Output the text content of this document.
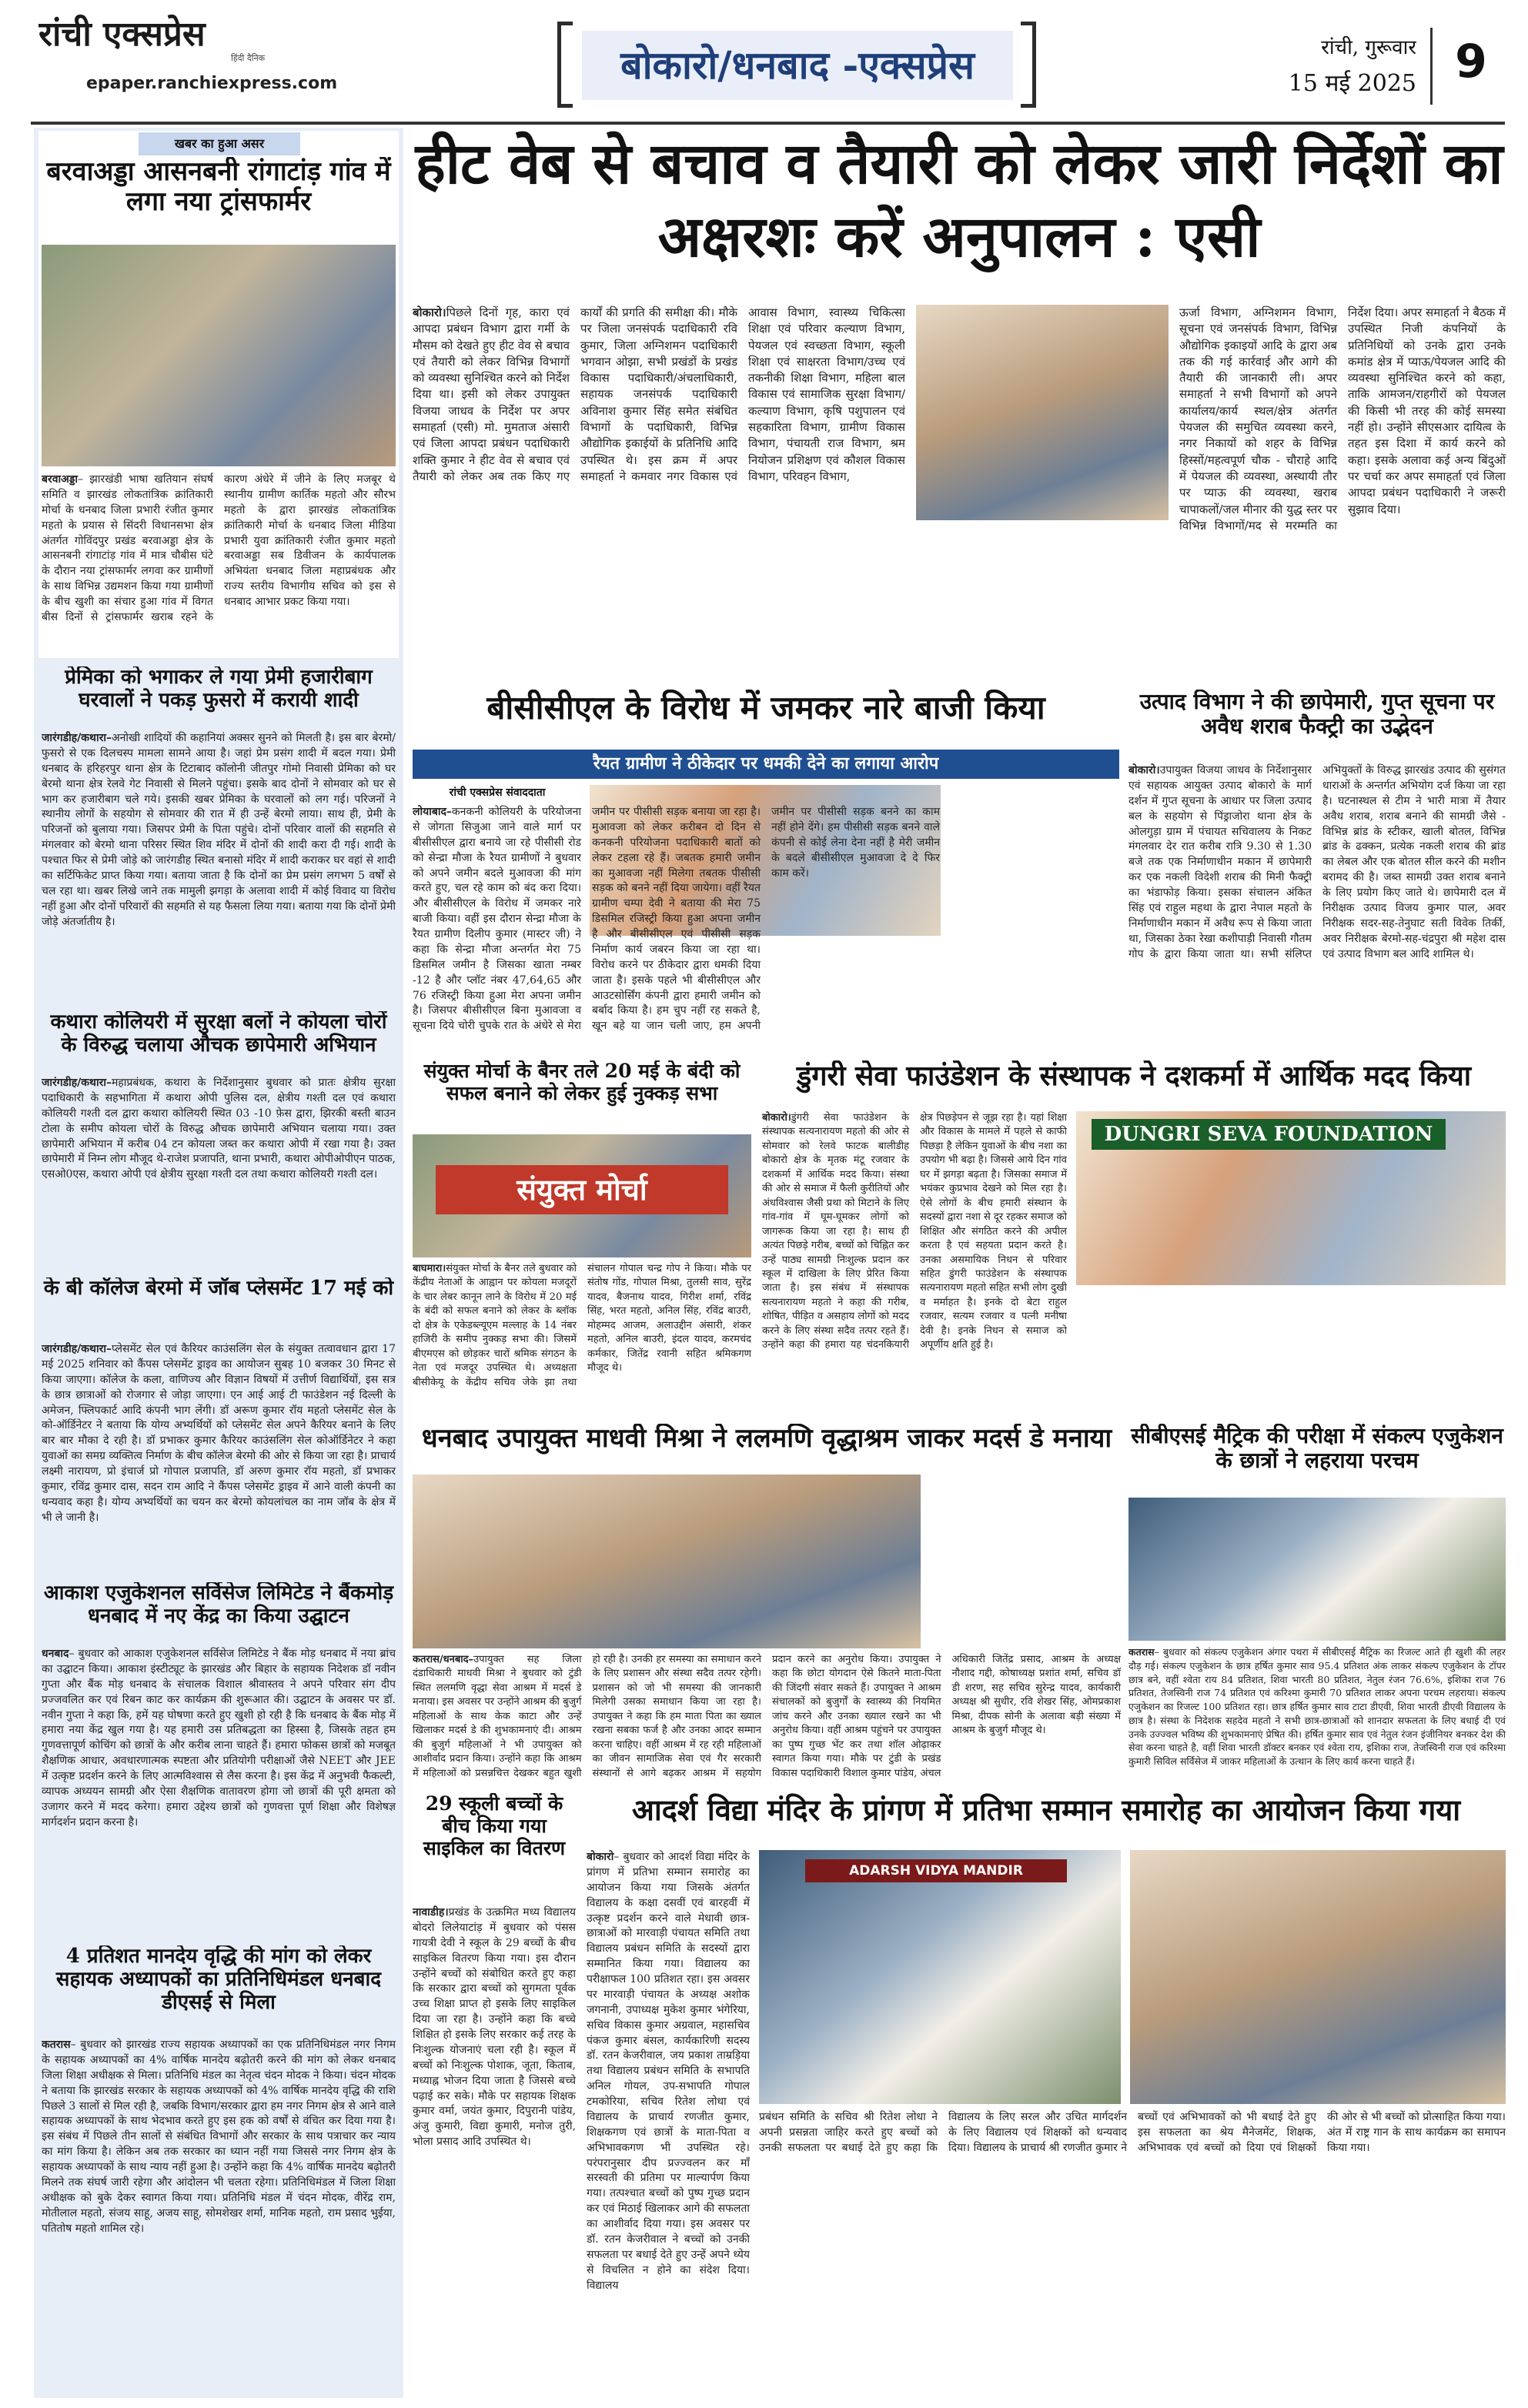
रांची एक्सप्रेस
हिंदी दैनिक
epaper.ranchiexpress.com	बोकारो/धनबाद -एक्सप्रेस	रांची, गुरूवार
15 मई 2025 9
खबर का हुआ असर
बरवाअड्डा आसनबनी रांगाटांड़ गांव में लगा नया ट्रांसफार्मर
बरवाअड्डा– झारखंडी भाषा खतियान संघर्ष समिति व झारखंड लोकतांत्रिक क्रांतिकारी मोर्चा के धनबाद जिला प्रभारी रंजीत कुमार महतो के प्रयास से सिंदरी विधानसभा क्षेत्र अंतर्गत गोविंदपुर प्रखंड बरवाअड्डा क्षेत्र के आसनबनी रांगाटांड़ गांव में मात्र चौबीस घंटे के दौरान नया ट्रांसफार्मर लगवा कर ग्रामीणों के साथ विभिन्न उद्यमशन किया गया ग्रामीणों के बीच खुशी का संचार हुआ गांव में विगत बीस दिनों से ट्रांसफार्मर खराब रहने के कारण अंधेरे में जीने के लिए मजबूर थे स्थानीय ग्रामीण कार्तिक महतो और सौरभ महतो के द्वारा झारखंड लोकतांत्रिक क्रांतिकारी मोर्चा के धनबाद जिला मीडिया प्रभारी युवा क्रांतिकारी रंजीत कुमार महतो बरवाअड्डा सब डिवीजन के कार्यपालक अभियंता धनबाद जिला महाप्रबंधक और राज्य स्तरीय विभागीय सचिव को इस से धनबाद आभार प्रकट किया गया।
प्रेमिका को भगाकर ले गया प्रेमी हजारीबाग घरवालों ने पकड़ फुसरो में करायी शादी
जारंगडीह/कथारा–अनोखी शादियों की कहानियां अक्सर सुनने को मिलती है। इस बार बेरमो/फुसरो से एक दिलचस्प मामला सामने आया है। जहां प्रेम प्रसंग शादी में बदल गया। प्रेमी धनबाद के हरिहरपुर थाना क्षेत्र के टिटाबाद कॉलोनी जीतपुर गोमो निवासी प्रेमिका को घर बेरमो थाना क्षेत्र रेलवे गेट निवासी से मिलने पहुंचा। इसके बाद दोनों ने सोमवार को घर से भाग कर हजारीबाग चले गये। इसकी खबर प्रेमिका के घरवालों को लग गई। परिजनों ने स्थानीय लोगों के सहयोग से सोमवार की रात में ही उन्हें बेरमो लाया। साथ ही, प्रेमी के परिजनों को बुलाया गया। जिसपर प्रेमी के पिता पहुंचे। दोनों परिवार वालों की सहमति से मंगलवार को बेरमो थाना परिसर स्थित शिव मंदिर में दोनों की शादी करा दी गई। शादी के पश्चात फिर से प्रेमी जोड़े को जारंगडीह स्थित बनासो मंदिर में शादी कराकर घर वहां से शादी का सर्टिफिकेट प्राप्त किया गया। बताया जाता है कि दोनों का प्रेम प्रसंग लगभग 5 वर्षों से चल रहा था। खबर लिखे जाने तक मामुली झगड़ा के अलावा शादी में कोई विवाद या विरोध नहीं हुआ और दोनों परिवारों की सहमति से यह फैसला लिया गया। बताया गया कि दोनों प्रेमी जोड़े अंतर्जातीय है।
कथारा कोलियरी में सुरक्षा बलों ने कोयला चोरों के विरुद्ध चलाया औचक छापेमारी अभियान
जारंगडीह/कथारा–महाप्रबंधक, कथारा के निर्देशानुसार बुधवार को प्रातः क्षेत्रीय सुरक्षा पदाधिकारी के सहभागिता में कथारा ओपी पुलिस दल, क्षेत्रीय गश्ती दल एवं कथारा कोलियरी गश्ती दल द्वारा कथारा कोलियरी स्थित 03 -10 फ़ेस द्वारा, झिरकी बस्ती बाउन टोला के समीप कोयला चोरों के विरुद्ध औचक छापेमारी अभियान चलाया गया। उक्त छापेमारी अभियान में करीब 04 टन कोयला जब्त कर कथारा ओपी में रखा गया है। उक्त छापेमारी में निम्न लोग मौजूद थे-राजेश प्रजापति, थाना प्रभारी, कथारा ओपीओपीएन पाठक, एसओ0एस, कथारा ओपी एवं क्षेत्रीय सुरक्षा गश्ती दल तथा कथारा कोलियरी गश्ती दल।
के बी कॉलेज बेरमो में जॉब प्लेसमेंट 17 मई को
जारंगडीह/कथारा–प्लेसमेंट सेल एवं कैरियर काउंसलिंग सेल के संयुक्त तत्वावधान द्वारा 17 मई 2025 शनिवार को कैंपस प्लेसमेंट ड्राइव का आयोजन सुबह 10 बजकर 30 मिनट से किया जाएगा। कॉलेज के कला, वाणिज्य और विज्ञान विषयों में उत्तीर्ण विद्यार्थियों, इस सत्र के छात्र छात्राओं को रोजगार से जोड़ा जाएगा। एन आई आई टी फाउंडेशन नई दिल्ली के अमेजन, फ्लिपकार्ट आदि कंपनी भाग लेंगी। डॉ अरूण कुमार रॉय महतो प्लेसमेंट सेल के को-ऑर्डिनेटर ने बताया कि योग्य अभ्यर्थियों को प्लेसमेंट सेल अपने कैरियर बनाने के लिए बार बार मौका दे रही है। डॉ प्रभाकर कुमार कैरियर काउंसलिंग सेल कोऑर्डिनेटर ने कहा युवाओं का समग्र व्यक्तित्व निर्माण के बीच कॉलेज बेरमो की ओर से किया जा रहा है। प्राचार्य लक्ष्मी नारायण, प्रो इंचार्ज प्रो गोपाल प्रजापति, डॉ अरुण कुमार रॉय महतो, डॉ प्रभाकर कुमार, रविंद्र कुमार दास, सदन राम आदि ने कैंपस प्लेसमेंट ड्राइव में आने वाली कंपनी का धन्यवाद कहा है। योग्य अभ्यर्थियों का चयन कर बेरमो कोयलांचल का नाम जॉब के क्षेत्र में भी ले जानी है।
आकाश एजुकेशनल सर्विसेज लिमिटेड ने बैंकमोड़ धनबाद में नए केंद्र का किया उद्घाटन
धनबाद– बुधवार को आकाश एजुकेशनल सर्विसेज लिमिटेड ने बैंक मोड़ धनबाद में नया ब्रांच का उद्घाटन किया। आकाश इंस्टीट्यूट के झारखंड और बिहार के सहायक निदेशक डॉ नवीन गुप्ता और बैंक मोड़ धनबाद के संचालक विशाल श्रीवास्तव ने अपने परिवार संग दीप प्रज्जवलित कर एवं रिबन काट कर कार्यक्रम की शुरूआत की। उद्घाटन के अवसर पर डॉ. नवीन गुप्ता ने कहा कि, हमें यह घोषणा करते हुए खुशी हो रही है कि धनबाद के बैंक मोड़ में हमारा नया केंद्र खुल गया है। यह हमारी उस प्रतिबद्धता का हिस्सा है, जिसके तहत हम गुणवत्तापूर्ण कोचिंग को छात्रों के और करीब लाना चाहते हैं। हमारा फोकस छात्रों को मजबूत शैक्षणिक आधार, अवधारणात्मक स्पष्टता और प्रतियोगी परीक्षाओं जैसे NEET और JEE में उत्कृष्ट प्रदर्शन करने के लिए आत्मविश्वास से लैस करना है। इस केंद्र में अनुभवी फैकल्टी, व्यापक अध्ययन सामग्री और ऐसा शैक्षणिक वातावरण होगा जो छात्रों की पूरी क्षमता को उजागर करने में मदद करेगा। हमारा उद्देश्य छात्रों को गुणवत्ता पूर्ण शिक्षा और विशेषज्ञ मार्गदर्शन प्रदान करना है।
4 प्रतिशत मानदेय वृद्धि की मांग को लेकर सहायक अध्यापकों का प्रतिनिधिमंडल धनबाद डीएसई से मिला
कतरास– बुधवार को झारखंड राज्य सहायक अध्यापकों का एक प्रतिनिधिमंडल नगर निगम के सहायक अध्यापकों का 4% वार्षिक मानदेय बढ़ोतरी करने की मांग को लेकर धनबाद जिला शिक्षा अधीक्षक से मिला। प्रतिनिधि मंडल का नेतृत्व चंदन मोदक ने किया। चंदन मोदक ने बताया कि झारखंड सरकार के सहायक अध्यापकों को 4% वार्षिक मानदेय वृद्धि की राशि पिछले 3 सालों से मिल रही है, जबकि विभाग/सरकार द्वारा हम नगर निगम क्षेत्र से आने वाले सहायक अध्यापकों के साथ भेदभाव करते हुए इस हक को वर्षों से वंचित कर दिया गया है। इस संबंध में पिछले तीन सालों से संबंधित विभागों और सरकार के साथ पत्राचार कर न्याय का मांग किया है। लेकिन अब तक सरकार का ध्यान नहीं गया जिससे नगर निगम क्षेत्र के सहायक अध्यापकों के साथ न्याय नहीं हुआ है। उन्होंने कहा कि 4% वार्षिक मानदेय बढ़ोतरी मिलने तक संघर्ष जारी रहेगा और आंदोलन भी चलता रहेगा। प्रतिनिधिमंडल में जिला शिक्षा अधीक्षक को बुके देकर स्वागत किया गया। प्रतिनिधि मंडल में चंदन मोदक, वीरेंद्र राम, मोतीलाल महतो, संजय साहू, अजय साहू, सोमशेखर शर्मा, मानिक महतो, राम प्रसाद भुईया, पतितोष महतो शामिल रहे।
हीट वेब से बचाव व तैयारी को लेकर जारी निर्देशों का अक्षरशः करें अनुपालन : एसी
बोकारो।पिछले दिनों गृह, कारा एवं आपदा प्रबंधन विभाग द्वारा गर्मी के मौसम को देखते हुए हीट वेव से बचाव एवं तैयारी को लेकर विभिन्न विभागों को व्यवस्था सुनिश्चित करने को निर्देश दिया था। इसी को लेकर उपायुक्त विजया जाधव के निर्देश पर अपर समाहर्ता (एसी) मो. मुमताज अंसारी एवं जिला आपदा प्रबंधन पदाधिकारी शक्ति कुमार ने हीट वेव से बचाव एवं तैयारी को लेकर अब तक किए गए कार्यों की प्रगति की समीक्षा की। मौके पर जिला जनसंपर्क पदाधिकारी रवि कुमार, जिला अग्निशमन पदाधिकारी भगवान ओझा, सभी प्रखंडों के प्रखंड विकास पदाधिकारी/अंचलाधिकारी, सहायक जनसंपर्क पदाधिकारी अविनाश कुमार सिंह समेत संबंधित विभागों के पदाधिकारी, विभिन्न औद्योगिक इकाईयों के प्रतिनिधि आदि उपस्थित थे। इस क्रम में अपर समाहर्ता ने कमवार नगर विकास एवं आवास विभाग, स्वास्थ्य चिकित्सा शिक्षा एवं परिवार कल्याण विभाग, पेयजल एवं स्वच्छता विभाग, स्कूली शिक्षा एवं साक्षरता विभाग/उच्च एवं तकनीकी शिक्षा विभाग, महिला बाल विकास एवं सामाजिक सुरक्षा विभाग/कल्याण विभाग, कृषि पशुपालन एवं सहकारिता विभाग, ग्रामीण विकास विभाग, पंचायती राज विभाग, श्रम नियोजन प्रशिक्षण एवं कौशल विकास विभाग, परिवहन विभाग,
ऊर्जा विभाग, अग्निशमन विभाग, सूचना एवं जनसंपर्क विभाग, विभिन्न औद्योगिक इकाइयों आदि के द्वारा अब तक की गई कार्रवाई और आगे की तैयारी की जानकारी ली। अपर समाहर्ता ने सभी विभागों को अपने कार्यालय/कार्य स्थल/क्षेत्र अंतर्गत पेयजल की समुचित व्यवस्था करने, नगर निकायों को शहर के विभिन्न हिस्सों/महत्वपूर्ण चौक - चौराहे आदि में पेयजल की व्यवस्था, अस्थायी तौर पर प्याऊ की व्यवस्था, खराब चापाकलों/जल मीनार की युद्ध स्तर पर विभिन्न विभागों/मद से मरम्मति का निर्देश दिया। अपर समाहर्ता ने बैठक में उपस्थित निजी कंपनियों के प्रतिनिधियों को उनके द्वारा उनके कमांड क्षेत्र में प्याऊ/पेयजल आदि की व्यवस्था सुनिश्चित करने को कहा, ताकि आमजन/राहगीरों को पेयजल की किसी भी तरह की कोई समस्या नहीं हो। उन्होंने सीएसआर दायित्व के तहत इस दिशा में कार्य करने को कहा। इसके अलावा कई अन्य बिंदुओं पर चर्चा कर अपर समाहर्ता एवं जिला आपदा प्रबंधन पदाधिकारी ने जरूरी सुझाव दिया।
बीसीसीएल के विरोध में जमकर नारे बाजी किया
रैयत ग्रामीण ने ठीकेदार पर धमकी देने का लगाया आरोप
रांची एक्सप्रेस संवाददाता
लोयाबाद–कनकनी कोलियरी के परियोजना से जोगता सिजुआ जाने वाले मार्ग पर बीसीसीएल द्वारा बनाये जा रहे पीसीसी रोड को सेन्द्रा मौजा के रैयत ग्रामीणों ने बुधवार को अपने जमीन बदले मुआवजा की मांग करते हुए, चल रहे काम को बंद करा दिया। और बीसीसीएल के विरोध में जमकर नारे बाजी किया। वहीं इस दौरान सेन्द्रा मौजा के रैयत ग्रामीण दिलीप कुमार (मास्टर जी) ने कहा कि सेन्द्रा मौजा अन्तर्गत मेरा 75 डिसमिल जमीन है जिसका खाता नम्बर -12 है और प्लॉट नंबर 47,64,65 और 76 रजिस्ट्री किया हुआ मेरा अपना जमीन है। जिसपर बीसीसीएल बिना मुआवजा व सूचना दिये चोरी चुपके रात के अंधेरे से मेरा जमीन पर पीसीसी सड़क बनाया जा रहा है। मुआवजा को लेकर करीबन दो दिन से कनकनी परियोजना पदाधिकारी बातों को लेकर टहला रहे हैं। जबतक हमारी जमीन का मुआवजा नहीं मिलेगा तबतक पीसीसी सड़क को बनने नहीं दिया जायेगा। वहीं रैयत ग्रामीण चम्पा देवी ने बताया की मेरा 75 डिसमिल रजिस्ट्री किया हुआ अपना जमीन है और बीसीसीएल एवं पीसीसी सड़क निर्माण कार्य जबरन किया जा रहा था। विरोध करने पर ठीकेदार द्वारा धमकी दिया जाता है। इसके पहले भी बीसीसीएल और आउटसोर्सिंग कंपनी द्वारा हमारी जमीन को बर्बाद किया है। हम चुप नहीं रह सकते है, खून बहे या जान चली जाए, हम अपनी जमीन पर पीसीसी सड़क बनने का काम नहीं होने देंगे। हम पीसीसी सड़क बनने वाले कंपनी से कोई लेना देना नहीं है मेरी जमीन के बदले बीसीसीएल मुआवजा दे दे फिर काम करें।
उत्पाद विभाग ने की छापेमारी, गुप्त सूचना पर अवैध शराब फैक्ट्री का उद्भेदन
बोकारो।उपायुक्त विजया जाधव के निर्देशानुसार एवं सहायक आयुक्त उत्पाद बोकारो के मार्ग दर्शन में गुप्त सूचना के आधार पर जिला उत्पाद बल के सहयोग से पिंड्राजोरा थाना क्षेत्र के ओलगुड़ा ग्राम में पंचायत सचिवालय के निकट मंगलवार देर रात करीब रात्रि 9.30 से 1.30 बजे तक एक निर्माणाधीन मकान में छापेमारी कर एक नकली विदेशी शराब की मिनी फैक्ट्री का भंडाफोड़ किया। इसका संचालन अंकित सिंह एवं राहुल महथा के द्वारा नेपाल महतो के निर्माणाधीन मकान में अवैध रूप से किया जाता था, जिसका ठेका रेखा कशीपाड़ी निवासी गौतम गोप के द्वारा किया जाता था। सभी संलिप्त अभियुक्तों के विरुद्ध झारखंड उत्पाद की सुसंगत धाराओं के अन्तर्गत अभियोग दर्ज किया जा रहा है। घटनास्थल से टीम ने भारी मात्रा में तैयार अवैध शराब, शराब बनाने की सामग्री जैसे - विभिन्न ब्रांड के स्टीकर, खाली बोतल, विभिन्न ब्रांड के ढक्कन, प्रत्येक नकली शराब की ब्रांड का लेबल और एक बोतल सील करने की मशीन बरामद की है। जब्त सामग्री उक्त शराब बनाने के लिए प्रयोग किए जाते थे। छापेमारी दल में निरीक्षक उत्पाद विजय कुमार पाल, अवर निरीक्षक सदर-सह-तेनुघाट सती विवेक तिर्की, अवर निरीक्षक बेरमो-सह-चंद्रपुरा श्री महेश दास एवं उत्पाद विभाग बल आदि शामिल थे।
संयुक्त मोर्चा के बैनर तले 20 मई के बंदी को सफल बनाने को लेकर हुई नुक्कड़ सभा
संयुक्त मोर्चा
बाघमारा।संयुक्त मोर्चा के बैनर तले बुधवार को केंद्रीय नेताओं के आह्वान पर कोयला मजदूरों के चार लेबर कानून लाने के विरोध में 20 मई के बंदी को सफल बनाने को लेकर के ब्लॉक दो क्षेत्र के एकेडब्ल्यूएम मल्लाह के 14 नंबर हाजिरी के समीप नुक्कड़ सभा की। जिसमें बीएमएस को छोड़कर चारों श्रमिक संगठन के नेता एवं मजदूर उपस्थित थे। अध्यक्षता बीसीकेयू के केंद्रीय सचिव जेके झा तथा संचालन गोपाल चन्द्र गोप ने किया। मौके पर संतोष गोंड, गोपाल मिश्रा, तुलसी साव, सुरेंद्र यादव, बैजनाथ यादव, गिरीश शर्मा, रविंद्र सिंह, भरत महतो, अनिल सिंह, रविंद्र बाउरी, मोहम्मद आजम, अलाउद्दीन अंसारी, शंकर महतो, अनिल बाउरी, इंदल यादव, करमचंद कर्मकार, जितेंद्र रवानी सहित श्रमिकगण मौजूद थे।
डुंगरी सेवा फाउंडेशन के संस्थापक ने दशकर्मा में आर्थिक मदद किया
बोकारो।डुंगरी सेवा फाउंडेशन के संस्थापक सत्यनारायण महतो की ओर से सोमवार को रेलवे फाटक बालीडीह बोकारो क्षेत्र के मृतक मंटू रजवार के दशकर्मा में आर्थिक मदद किया। संस्था की ओर से समाज में फैली कुरीतियों और अंधविश्वास जैसी प्रथा को मिटाने के लिए गांव-गांव में घूम-घूमकर लोगों को जागरूक किया जा रहा है। साथ ही अत्यंत पिछड़े गरीब, बच्चों को चिह्नित कर उन्हें पाठ्य सामग्री निःशुल्क प्रदान कर स्कूल में दाखिला के लिए प्रेरित किया जाता है। इस संबंध में संस्थापक सत्यनारायण महतो ने कहा की गरीब, शोषित, पीड़ित व असहाय लोगों को मदद करने के लिए संस्था सदैव तत्पर रहते हैं। उन्होंने कहा की हमारा यह चंदनकियारी क्षेत्र पिछड़ेपन से जूझ रहा है। यहां शिक्षा और विकास के मामले में पहले से काफी पिछड़ा है लेकिन युवाओं के बीच नशा का उपयोग भी बढ़ा है। जिससे आये दिन गांव घर में झगड़ा बढ़ता है। जिसका समाज में भयंकर कुप्रभाव देखने को मिल रहा है। ऐसे लोगों के बीच हमारी संस्थान के सदस्यों द्वारा नशा से दूर रहकर समाज को शिक्षित और संगठित करने की अपील करता है एवं सहयता प्रदान करते है। उनका असमायिक निधन से परिवार सहित डुंगरी फाउंडेशन के संस्थापक सत्यनारायण महतो सहित सभी लोग दुखी व मर्माहत है। इनके दो बेटा राहुल रजवार, सत्यम रजवार व पत्नी मनीषा देवी है। इनके निधन से समाज को अपूर्णीय क्षति हुई है।
DUNGRI SEVA FOUNDATION
धनबाद उपायुक्त माधवी मिश्रा ने ललमणि वृद्धाश्रम जाकर मदर्स डे मनाया
कतरास/धनबाद–उपायुक्त सह जिला दंडाधिकारी माधवी मिश्रा ने बुधवार को टुंडी स्थित ललमणि वृद्धा सेवा आश्रम में मदर्स डे मनाया। इस अवसर पर उन्होंने आश्रम की बुजुर्ग महिलाओं के साथ केक काटा और उन्हें खिलाकर मदर्स डे की शुभकामनाएं दी। आश्रम की बुजुर्ग महिलाओं ने भी उपायुक्त को आशीर्वाद प्रदान किया। उन्होंने कहा कि आश्रम में महिलाओं को प्रसन्नचित्त देखकर बहुत खुशी हो रही है। उनकी हर समस्या का समाधान करने के लिए प्रशासन और संस्था सदैव तत्पर रहेगी। प्रशासन को जो भी समस्या की जानकारी मिलेगी उसका समाधान किया जा रहा है। उपायुक्त ने कहा कि हम माता पिता का ख्याल रखना सबका फर्ज है और उनका आदर सम्मान करना चाहिए। वहीं आश्रम में रह रही महिलाओं का जीवन सामाजिक सेवा एवं गैर सरकारी संस्थानों से आगे बढ़कर आश्रम में सहयोग प्रदान करने का अनुरोध किया। उपायुक्त ने कहा कि छोटा योगदान ऐसे कितने माता-पिता की जिंदगी संवार सकते हैं। उपायुक्त ने आश्रम संचालकों को बुजुर्गों के स्वास्थ्य की नियमित जांच करने और उनका ख्याल रखने का भी अनुरोध किया। वहीं आश्रम पहुंचने पर उपायुक्त का पुष्प गुच्छ भेंट कर तथा शॉल ओढ़ाकर स्वागत किया गया। मौके पर टुंडी के प्रखंड विकास पदाधिकारी विशाल कुमार पांडेय, अंचल अधिकारी जितेंद्र प्रसाद, आश्रम के अध्यक्ष नौशाद गद्दी, कोषाध्यक्ष प्रशांत शर्मा, सचिव डॉ डी शरण, सह सचिव सुरेन्द्र यादव, कार्यकारी अध्यक्ष श्री सुधीर, रवि शेखर सिंह, ओमप्रकाश मिश्रा, दीपक सोनी के अलावा बड़ी संख्या में आश्रम के बुजुर्ग मौजूद थे।
सीबीएसई मैट्रिक की परीक्षा में संकल्प एजुकेशन के छात्रों ने लहराया परचम
कतरास– बुधवार को संकल्प एजुकेशन अंगार पथरा में सीबीएसई मैट्रिक का रिजल्ट आते ही खुशी की लहर दौड़ गई। संकल्प एजुकेशन के छात्र हर्षित कुमार साव 95.4 प्रतिशत अंक लाकर संकल्प एजुकेशन के टॉपर छात्र बने, वहीं श्वेता राय 84 प्रतिशत, शिवा भारती 80 प्रतिशत, नेतुल रंजन 76.6%, इशिका राज 76 प्रतिशत, तेजस्विनी राज 74 प्रतिशत एवं करिश्मा कुमारी 70 प्रतिशत लाकर अपना परचम लहराया। संकल्प एजुकेशन का रिजल्ट 100 प्रतिशत रहा। छात्र हर्षित कुमार साव टाटा डीएवी, शिवा भारती डीएवी विद्यालय के छात्र है। संस्था के निदेशक सहदेव महतो ने सभी छात्र-छात्राओं को शानदार सफलता के लिए बधाई दी एवं उनके उज्ज्वल भविष्य की शुभकामनाएं प्रेषित की। हर्षित कुमार साव एवं नेतुल रंजन इंजीनियर बनकर देश की सेवा करना चाहते है, वहीं शिवा भारती डॉक्टर बनकर एवं श्वेता राय, इशिका राज, तेजस्विनी राज एवं करिश्मा कुमारी सिविल सर्विसेज में जाकर महिलाओं के उत्थान के लिए कार्य करना चाहते हैं।
29 स्कूली बच्चों के बीच किया गया साइकिल का वितरण
नावाडीह।प्रखंड के उत्क्रमित मध्य विद्यालय बोदरो लिलेयाटांड़ में बुधवार को पंसस गायत्री देवी ने स्कूल के 29 बच्चों के बीच साइकिल वितरण किया गया। इस दौरान उन्होंने बच्चों को संबोधित करते हुए कहा कि सरकार द्वारा बच्चों को सुगमता पूर्वक उच्च शिक्षा प्राप्त हो इसके लिए साइकिल दिया जा रहा है। उन्होंने कहा कि बच्चे शिक्षित हो इसके लिए सरकार कई तरह के निःशुल्क योजनाएं चला रही है। स्कूल में बच्चों को निःशुल्क पोशाक, जूता, किताब, मध्याह्न भोजन दिया जाता है जिससे बच्चे पढ़ाई कर सके। मौके पर सहायक शिक्षक कुमार वर्मा, जयंत कुमार, दिपुरानी पांडेय, अंजु कुमारी, विद्या कुमारी, मनोज तुरी, भोला प्रसाद आदि उपस्थित थे।
आदर्श विद्या मंदिर के प्रांगण में प्रतिभा सम्मान समारोह का आयोजन किया गया
बोकारो– बुधवार को आदर्श विद्या मंदिर के प्रांगण में प्रतिभा सम्मान समारोह का आयोजन किया गया जिसके अंतर्गत विद्यालय के कक्षा दसवीं एवं बारहवीं में उत्कृष्ट प्रदर्शन करने वाले मेधावी छात्र-छात्राओं को मारवाड़ी पंचायत समिति तथा विद्यालय प्रबंधन समिति के सदस्यों द्वारा सम्मानित किया गया। विद्यालय का परीक्षाफल 100 प्रतिशत रहा। इस अवसर पर मारवाड़ी पंचायत के अध्यक्ष अशोक जगनानी, उपाध्यक्ष मुकेश कुमार भंगेरिया, सचिव विकास कुमार अग्रवाल, महासचिव पंकज कुमार बंसल, कार्यकारिणी सदस्य डॉ. रतन केजरीवाल, जय प्रकाश ताम्रड़िया तथा विद्यालय प्रबंधन समिति के सभापति अनिल गोयल, उप-सभापति गोपाल टमकोरिया, सचिव रितेश लोधा एवं विद्यालय के प्राचार्य रणजीत कुमार, शिक्षकगण एवं छात्रों के माता-पिता व अभिभावकगण भी उपस्थित रहे। परंपरानुसार दीप प्रज्ज्वलन कर माँ सरस्वती की प्रतिमा पर माल्यार्पण किया गया। तत्पश्चात बच्चों को पुष्प गुच्छ प्रदान कर एवं मिठाई खिलाकर आगे की सफलता का आशीर्वाद दिया गया। इस अवसर पर डॉ. रतन केजरीवाल ने बच्चों को उनकी सफलता पर बधाई देते हुए उन्हें अपने ध्येय से विचलित न होने का संदेश दिया। विद्यालय
ADARSH VIDYA MANDIR
प्रबंधन समिति के सचिव श्री रितेश लोधा ने अपनी प्रसन्नता जाहिर करते हुए बच्चों को उनकी सफलता पर बधाई देते हुए कहा कि विद्यालय के लिए सरल और उचित मार्गदर्शन के लिए विद्यालय एवं शिक्षकों को धन्यवाद दिया। विद्यालय के प्राचार्य श्री रणजीत कुमार ने बच्चों एवं अभिभावकों को भी बधाई देते हुए इस सफलता का श्रेय मैनेजमेंट, शिक्षक, अभिभावक एवं बच्चों को दिया एवं शिक्षकों की ओर से भी बच्चों को प्रोत्साहित किया गया। अंत में राष्ट्र गान के साथ कार्यक्रम का समापन किया गया।
